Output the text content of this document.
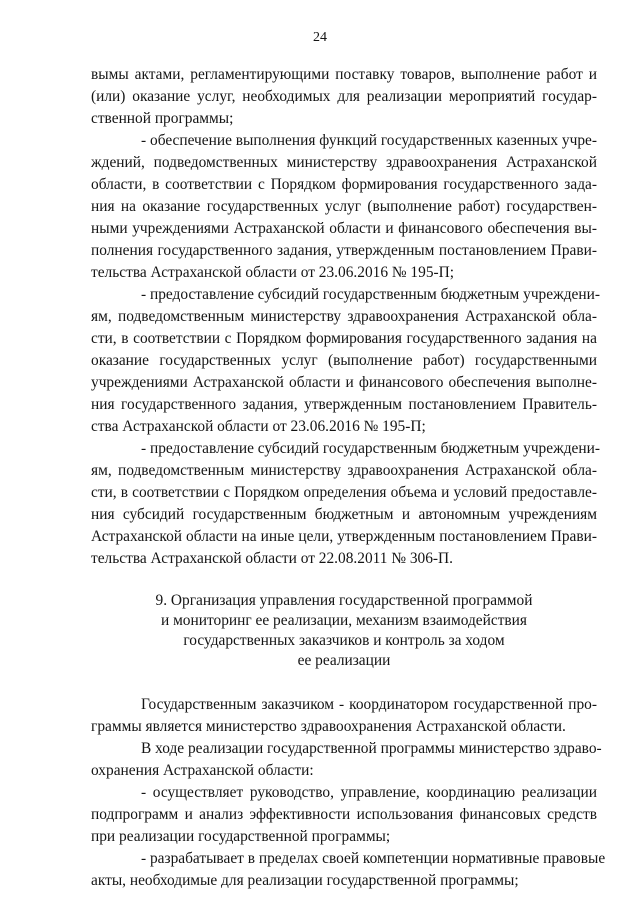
24
вымы актами, регламентирующими поставку товаров, выполнение работ и
(или) оказание услуг, необходимых для реализации мероприятий государ-
ственной программы;
- обеспечение выполнения функций государственных казенных учре-
ждений, подведомственных министерству здравоохранения Астраханской
области, в соответствии с Порядком формирования государственного зада-
ния на оказание государственных услуг (выполнение работ) государствен-
ными учреждениями Астраханской области и финансового обеспечения вы-
полнения государственного задания, утвержденным постановлением Прави-
тельства Астраханской области от 23.06.2016 № 195-П;
- предоставление субсидий государственным бюджетным учреждени-
ям, подведомственным министерству здравоохранения Астраханской обла-
сти, в соответствии с Порядком формирования государственного задания на
оказание государственных услуг (выполнение работ) государственными
учреждениями Астраханской области и финансового обеспечения выполне-
ния государственного задания, утвержденным постановлением Правитель-
ства Астраханской области от 23.06.2016 № 195-П;
- предоставление субсидий государственным бюджетным учреждени-
ям, подведомственным министерству здравоохранения Астраханской обла-
сти, в соответствии с Порядком определения объема и условий предоставле-
ния субсидий государственным бюджетным и автономным учреждениям
Астраханской области на иные цели, утвержденным постановлением Прави-
тельства Астраханской области от 22.08.2011 № 306-П.
9. Организация управления государственной программой
и мониторинг ее реализации, механизм взаимодействия
государственных заказчиков и контроль за ходом
ее реализации
Государственным заказчиком - координатором государственной про-
граммы является министерство здравоохранения Астраханской области.
В ходе реализации государственной программы министерство здраво-
охранения Астраханской области:
- осуществляет руководство, управление, координацию реализации
подпрограмм и анализ эффективности использования финансовых средств
при реализации государственной программы;
- разрабатывает в пределах своей компетенции нормативные правовые
акты, необходимые для реализации государственной программы;
